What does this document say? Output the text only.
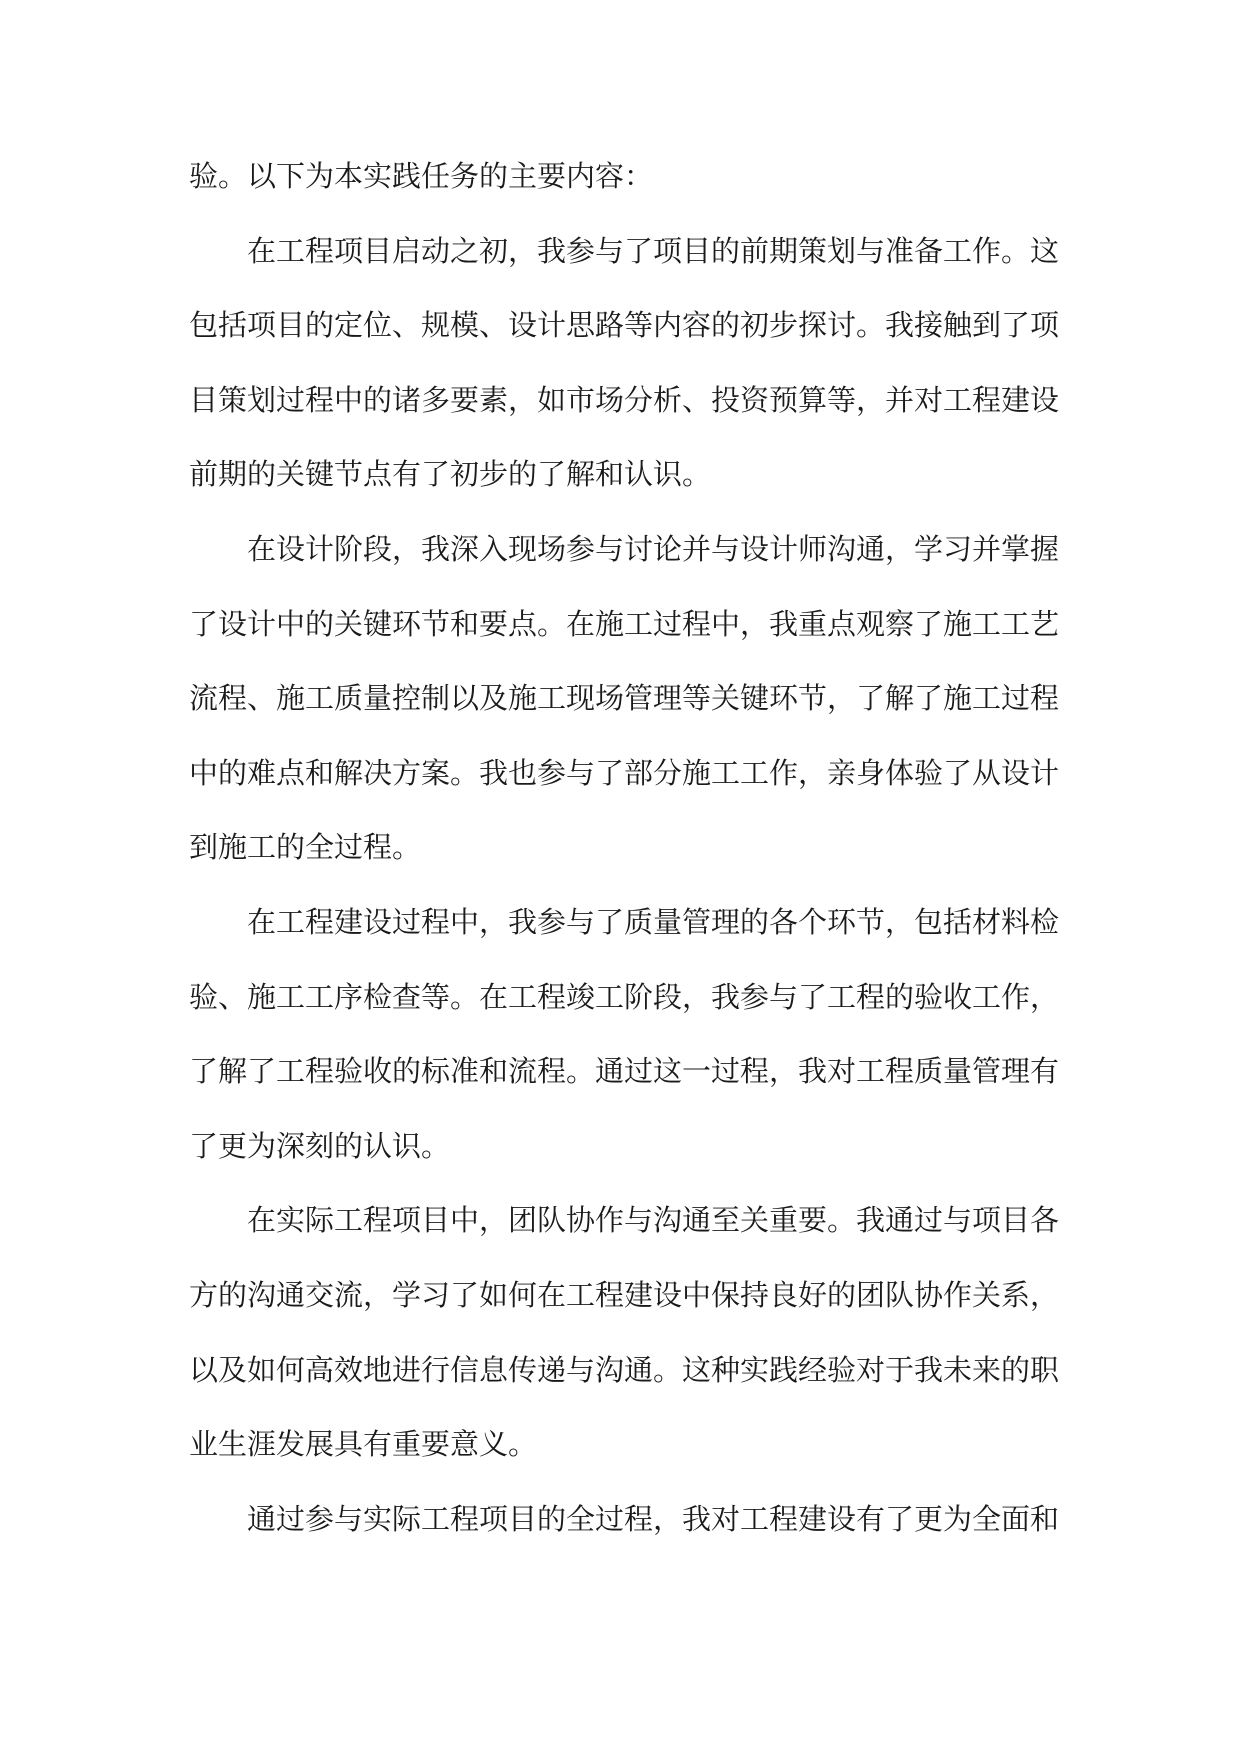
验。以下为本实践任务的主要内容：

在工程项目启动之初，我参与了项目的前期策划与准备工作。这包括项目的定位、规模、设计思路等内容的初步探讨。我接触到了项目策划过程中的诸多要素，如市场分析、投资预算等，并对工程建设前期的关键节点有了初步的了解和认识。

在设计阶段，我深入现场参与讨论并与设计师沟通，学习并掌握了设计中的关键环节和要点。在施工过程中，我重点观察了施工工艺流程、施工质量控制以及施工现场管理等关键环节，了解了施工过程中的难点和解决方案。我也参与了部分施工工作，亲身体验了从设计到施工的全过程。

在工程建设过程中，我参与了质量管理的各个环节，包括材料检验、施工工序检查等。在工程竣工阶段，我参与了工程的验收工作，了解了工程验收的标准和流程。通过这一过程，我对工程质量管理有了更为深刻的认识。

在实际工程项目中，团队协作与沟通至关重要。我通过与项目各方的沟通交流，学习了如何在工程建设中保持良好的团队协作关系，以及如何高效地进行信息传递与沟通。这种实践经验对于我未来的职业生涯发展具有重要意义。

通过参与实际工程项目的全过程，我对工程建设有了更为全面和
